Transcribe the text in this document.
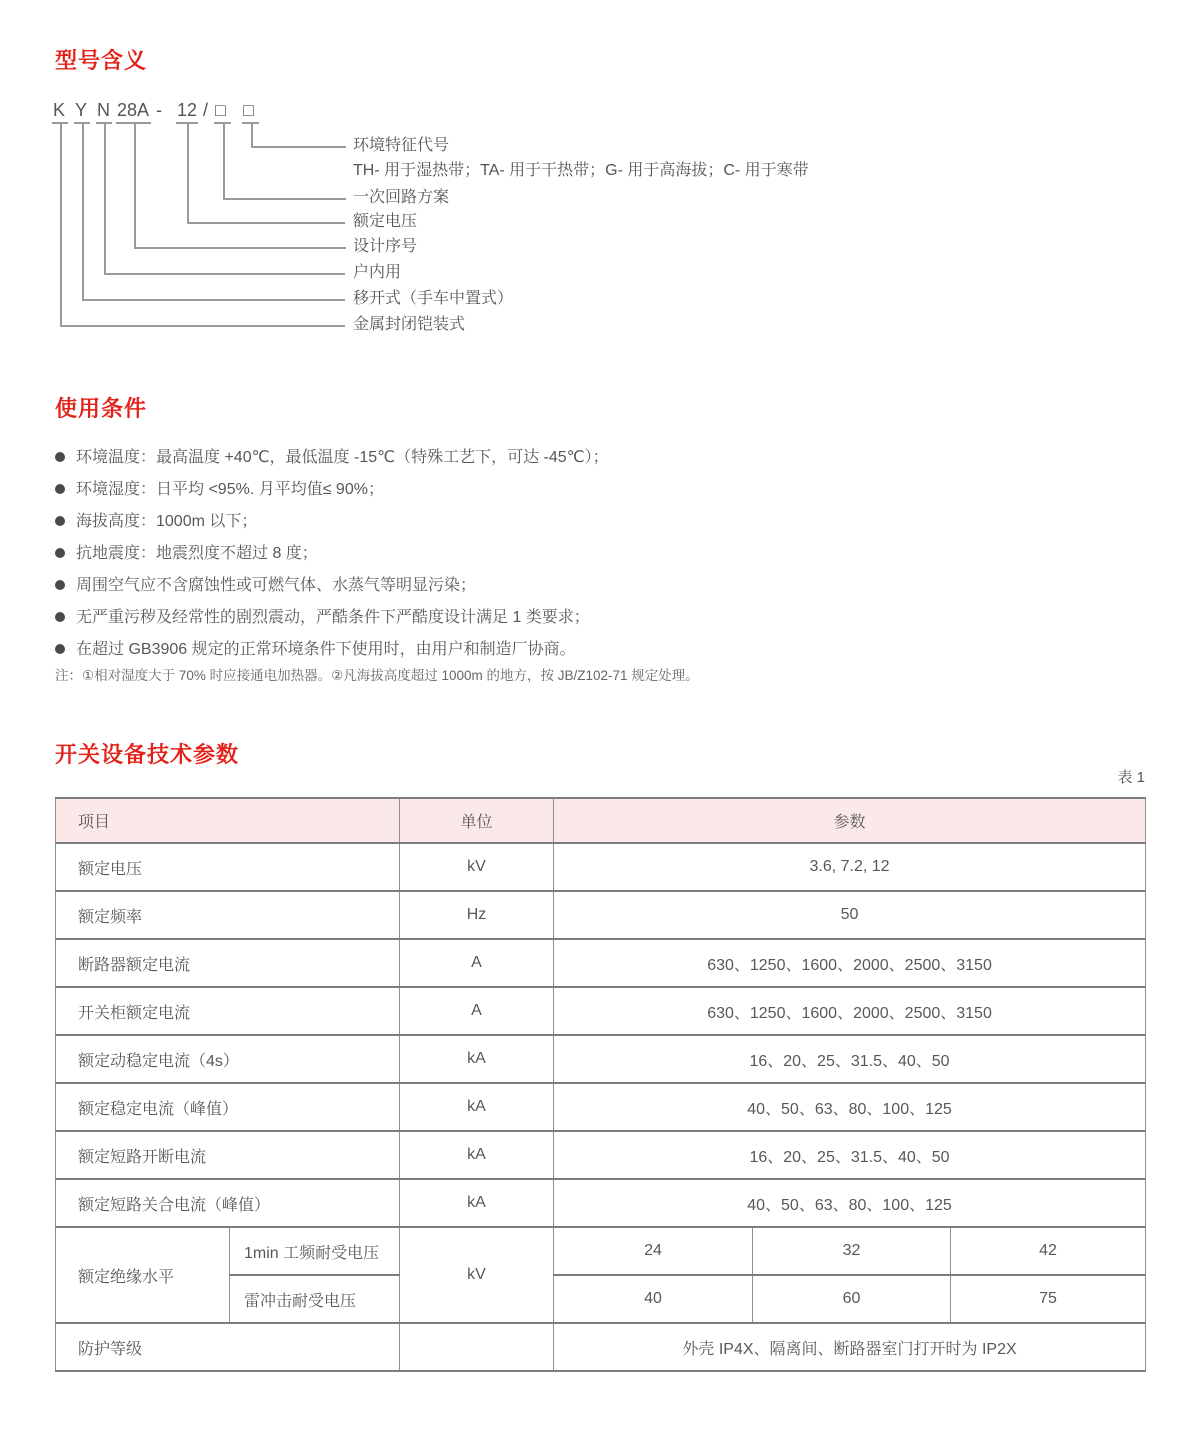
型号含义
K Y N 28A - 12 / □ □
环境特征代号
TH- 用于湿热带；TA- 用于干热带；G- 用于高海拔；C- 用于寒带
一次回路方案
额定电压
设计序号
户内用
移开式（手车中置式）
金属封闭铠装式
使用条件
环境温度：最高温度 +40℃，最低温度 -15℃（特殊工艺下，可达 -45℃）；
环境湿度：日平均 <95%. 月平均值≤ 90%；
海拔高度：1000m 以下；
抗地震度：地震烈度不超过 8 度；
周围空气应不含腐蚀性或可燃气体、水蒸气等明显污染；
无严重污秽及经常性的剧烈震动，严酷条件下严酷度设计满足 1 类要求；
在超过 GB3906 规定的正常环境条件下使用时，由用户和制造厂协商。
注：①相对湿度大于 70% 时应接通电加热器。②凡海拔高度超过 1000m 的地方，按 JB/Z102-71 规定处理。
开关设备技术参数
表 1
项目		单位	参数		
额定电压		kV	3.6, 7.2, 12		
额定频率		Hz	50		
断路器额定电流		A	630、1250、1600、2000、2500、3150		
开关柜额定电流		A	630、1250、1600、2000、2500、3150		
额定动稳定电流（4s）		kA	16、20、25、31.5、40、50		
额定稳定电流（峰值）		kA	40、50、63、80、100、125		
额定短路开断电流		kA	16、20、25、31.5、40、50		
额定短路关合电流（峰值）		kA	40、50、63、80、100、125		
额定绝缘水平	1min 工频耐受电压	kV	24	32	42
	雷冲击耐受电压		40	60	75
防护等级			外壳 IP4X、隔离间、断路器室门打开时为 IP2X		
